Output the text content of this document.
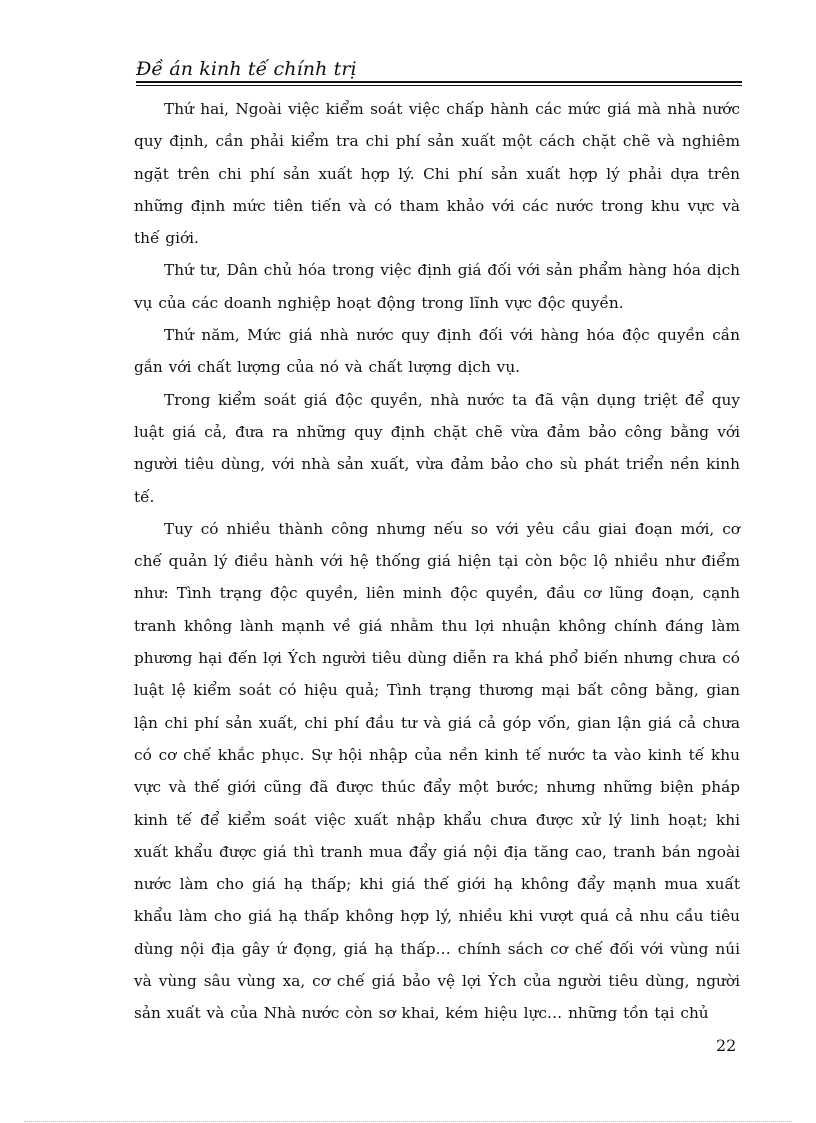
Đề án kinh tế chính trị

Thứ hai, Ngoài việc kiểm soát việc chấp hành các mức giá mà nhà nước quy định, cần phải kiểm tra chi phí sản xuất một cách chặt chẽ và nghiêm ngặt trên chi phí sản xuất hợp lý. Chi phí sản xuất hợp lý phải dựa trên những định mức tiên tiến và có tham khảo với các nước trong khu vực và thế giới.

Thứ tư, Dân chủ hóa trong việc định giá đối với sản phẩm hàng hóa dịch vụ của các doanh nghiệp hoạt động trong lĩnh vực độc quyền.

Thứ năm, Mức giá nhà nước quy định đối với hàng hóa độc quyền cần gắn với chất lượng của nó và chất lượng dịch vụ.

Trong kiểm soát giá độc quyền, nhà nước ta đã vận dụng triệt để quy luật giá cả, đưa ra những quy định chặt chẽ vừa đảm bảo công bằng với người tiêu dùng, với nhà sản xuất, vừa đảm bảo cho sù phát triển nền kinh tế.

Tuy có nhiều thành công nhưng nếu so với yêu cầu giai đoạn mới, cơ chế quản lý điều hành với hệ thống giá hiện tại còn bộc lộ nhiều như điểm như: Tình trạng độc quyền, liên minh độc quyền, đầu cơ lũng đoạn, cạnh tranh không lành mạnh về giá nhằm thu lợi nhuận không chính đáng làm phương hại đến lợi Ých người tiêu dùng diễn ra khá phổ biến nhưng chưa có luật lệ kiểm soát có hiệu quả; Tình trạng thương mại bất công bằng, gian lận chi phí sản xuất, chi phí đầu tư và giá cả góp vốn, gian lận giá cả chưa có cơ chế khắc phục. Sự hội nhập của nền kinh tế nước ta vào kinh tế khu vực và thế giới cũng đã được thúc đẩy một bước; nhưng những biện pháp kinh tế để kiểm soát việc xuất nhập khẩu chưa được xử lý linh hoạt; khi xuất khẩu được giá thì tranh mua đẩy giá nội địa tăng cao, tranh bán ngoài nước làm cho giá hạ thấp; khi giá thế giới hạ không đẩy mạnh mua xuất khẩu làm cho giá hạ thấp không hợp lý, nhiều khi vượt quá cả nhu cầu tiêu dùng nội địa gây ứ đọng, giá hạ thấp… chính sách cơ chế đối với vùng núi và vùng sâu vùng xa, cơ chế giá bảo vệ lợi Ých của người tiêu dùng, người sản xuất và của Nhà nước còn sơ khai, kém hiệu lực… những tồn tại chủ

22
